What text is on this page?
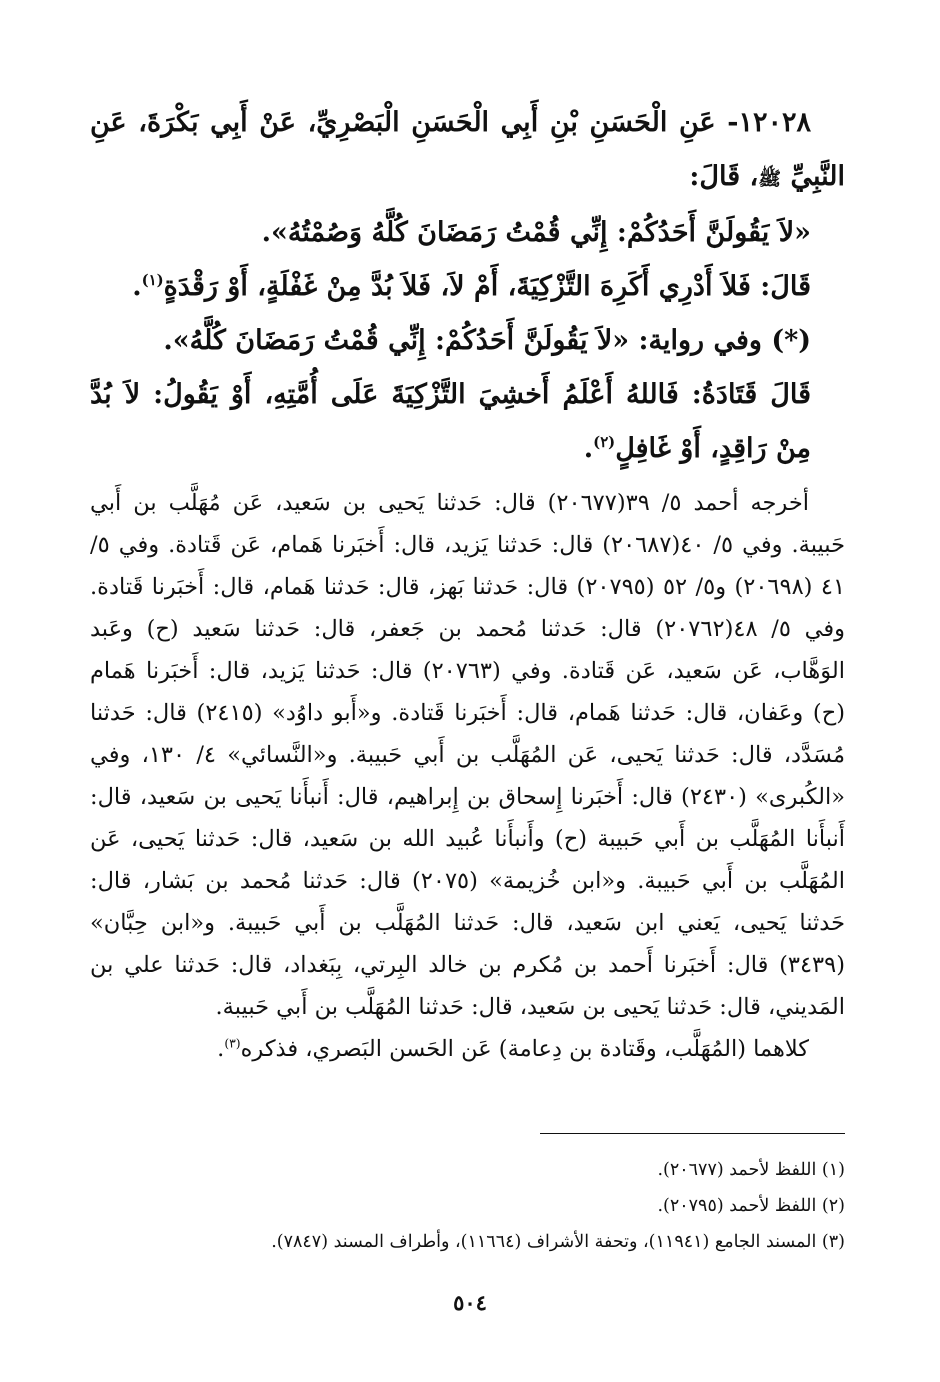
١٢٠٢٨- عَنِ الْحَسَنِ بْنِ أَبِي الْحَسَنِ الْبَصْرِيِّ، عَنْ أَبِي بَكْرَةَ، عَنِ النَّبِيِّ ﷺ، قَالَ:

«لاَ يَقُولَنَّ أَحَدُكُمْ: إِنِّي قُمْتُ رَمَضَانَ كُلَّهُ وَصُمْتُهُ».

قَالَ: فَلاَ أَدْرِي أَكَرِهَ التَّزْكِيَةَ، أَمْ لاَ، فَلاَ بُدَّ مِنْ غَفْلَةٍ، أَوْ رَقْدَةٍ$^{(١)}$.

(*) وفي رواية: «لاَ يَقُولَنَّ أَحَدُكُمْ: إِنِّي قُمْتُ رَمَضَانَ كُلَّهُ».

قَالَ قَتَادَةُ: فَاللهُ أَعْلَمُ أَخشِيَ التَّزْكِيَةَ عَلَى أُمَّتِهِ، أَوْ يَقُولُ: لاَ بُدَّ مِنْ رَاقِدٍ، أَوْ غَافِلٍ$^{(٢)}$.

أخرجه أحمد ٥/ ٣٩(٢٠٦٧٧) قال: حَدثنا يَحيى بن سَعيد، عَن مُهَلَّب بن أَبي حَبيبة. وفي ٥/ ٤٠(٢٠٦٨٧) قال: حَدثنا يَزيد، قال: أَخبَرنا هَمام، عَن قَتادة. وفي ٥/ ٤١ (٢٠٦٩٨) و٥/ ٥٢ (٢٠٧٩٥) قال: حَدثنا بَهز، قال: حَدثنا هَمام، قال: أَخبَرنا قَتادة. وفي ٥/ ٤٨(٢٠٧٦٢) قال: حَدثنا مُحمد بن جَعفر، قال: حَدثنا سَعيد (ح) وعَبد الوَهَّاب، عَن سَعيد، عَن قَتادة. وفي (٢٠٧٦٣) قال: حَدثنا يَزيد، قال: أَخبَرنا هَمام (ح) وعَفان، قال: حَدثنا هَمام، قال: أَخبَرنا قَتادة. و«أَبو داوُد» (٢٤١٥) قال: حَدثنا مُسَدَّد، قال: حَدثنا يَحيى، عَن المُهَلَّب بن أَبي حَبيبة. و«النَّسائي» ٤/ ١٣٠، وفي «الكُبرى» (٢٤٣٠) قال: أَخبَرنا إِسحاق بن إِبراهيم، قال: أَنبأَنا يَحيى بن سَعيد، قال: أَنبأَنا المُهَلَّب بن أَبي حَبيبة (ح) وأَنبأَنا عُبيد الله بن سَعيد، قال: حَدثنا يَحيى، عَن المُهَلَّب بن أَبي حَبيبة. و«ابن خُزيمة» (٢٠٧٥) قال: حَدثنا مُحمد بن بَشار، قال: حَدثنا يَحيى، يَعني ابن سَعيد، قال: حَدثنا المُهَلَّب بن أَبي حَبيبة. و«ابن حِبَّان» (٣٤٣٩) قال: أَخبَرنا أَحمد بن مُكرم بن خالد البِرتي، بِبَغداد، قال: حَدثنا علي بن المَديني، قال: حَدثنا يَحيى بن سَعيد، قال: حَدثنا المُهَلَّب بن أَبي حَبيبة.

كلاهما (المُهَلَّب، وقَتادة بن دِعامة) عَن الحَسن البَصري، فذكره$^{(٣)}$.

(١) اللفظ لأحمد (٢٠٦٧٧).
(٢) اللفظ لأحمد (٢٠٧٩٥).
(٣) المسند الجامع (١١٩٤١)، وتحفة الأشراف (١١٦٦٤)، وأطراف المسند (٧٨٤٧).
٥٠٤
